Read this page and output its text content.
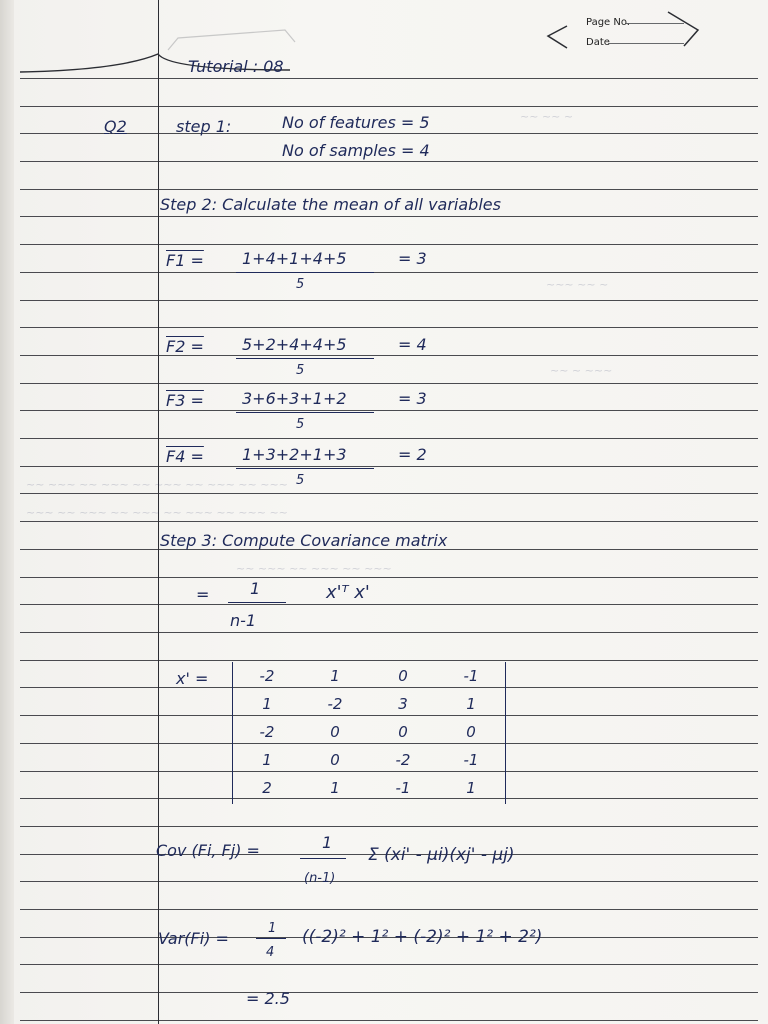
Page No.
Date
Tutorial : 08
Q2	step 1:	No of features = 5
No of samples = 4
Step 2: Calculate the mean of all variables
F1 = 1+4+1+4+5
5
= 3
F2 = 5+2+4+4+5
5
= 4
F3 = 3+6+3+1+2
5
= 3
F4 = 1+3+2+1+3
5
= 2
Step 3: Compute Covariance matrix
=	1
n-1
x'ᵀ x'
x' =	-2	1	0	-1
1	-2	3	1
-2	0	0	0
1	0	-2	-1
2	1	-1	1
Cov (Fi, Fj) =	1
(n-1)
Σ (xi' - μi)(xj' - μj)
Var(Fi) =
1
4
((-2)² + 1² + (-2)² + 1² + 2²)
= 2.5
~~ ~~ ~
~~~ ~~ ~
~~ ~ ~~~
~~ ~~~ ~~ ~~~ ~~ ~~~ ~~ ~~~ ~~ ~~~
~~~ ~~ ~~~ ~~ ~~~ ~~ ~~~ ~~ ~~~ ~~
~~ ~~~ ~~ ~~~ ~~ ~~~
